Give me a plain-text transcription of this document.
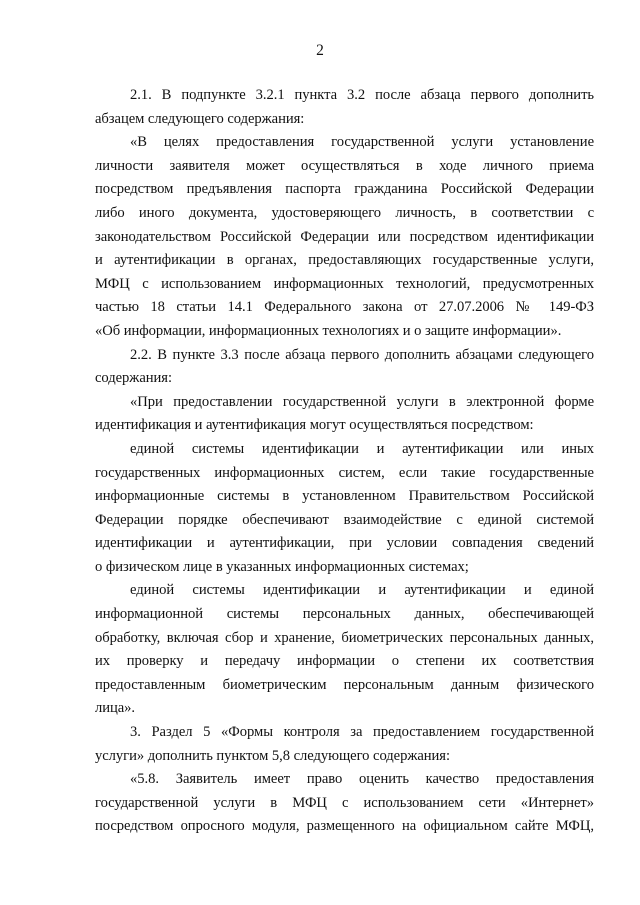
2
2.1. В подпункте 3.2.1 пункта 3.2 после абзаца первого дополнить
абзацем следующего содержания:
«В целях предоставления государственной услуги установление
личности заявителя может осуществляться в ходе личного приема
посредством предъявления паспорта гражданина Российской Федерации
либо иного документа, удостоверяющего личность, в соответствии с
законодательством Российской Федерации или посредством идентификации
и аутентификации в органах, предоставляющих государственные услуги,
МФЦ с использованием информационных технологий, предусмотренных
частью 18 статьи 14.1 Федерального закона от 27.07.2006 № 149-ФЗ
«Об информации, информационных технологиях и о защите информации».
2.2. В пункте 3.3 после абзаца первого дополнить абзацами следующего
содержания:
«При предоставлении государственной услуги в электронной форме
идентификация и аутентификация могут осуществляться посредством:
единой системы идентификации и аутентификации или иных
государственных информационных систем, если такие государственные
информационные системы в установленном Правительством Российской
Федерации порядке обеспечивают взаимодействие с единой системой
идентификации и аутентификации, при условии совпадения сведений
о физическом лице в указанных информационных системах;
единой системы идентификации и аутентификации и единой
информационной системы персональных данных, обеспечивающей
обработку, включая сбор и хранение, биометрических персональных данных,
их проверку и передачу информации о степени их соответствия
предоставленным биометрическим персональным данным физического
лица».
3. Раздел 5 «Формы контроля за предоставлением государственной
услуги» дополнить пунктом 5,8 следующего содержания:
«5.8. Заявитель имеет право оценить качество предоставления
государственной услуги в МФЦ с использованием сети «Интернет»
посредством опросного модуля, размещенного на официальном сайте МФЦ,
